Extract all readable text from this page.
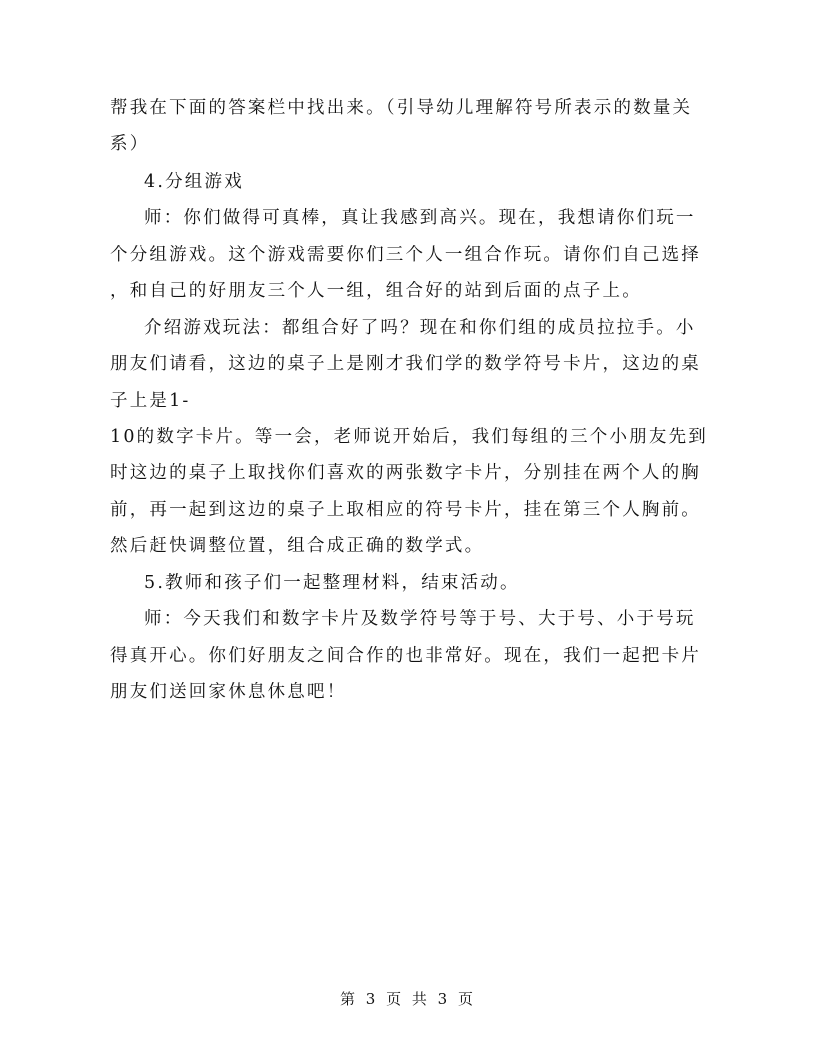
帮我在下面的答案栏中找出来。（引导幼儿理解符号所表示的数量关
系）
4.分组游戏
师：你们做得可真棒，真让我感到高兴。现在，我想请你们玩一
个分组游戏。这个游戏需要你们三个人一组合作玩。请你们自己选择
，和自己的好朋友三个人一组，组合好的站到后面的点子上。
介绍游戏玩法：都组合好了吗？现在和你们组的成员拉拉手。小
朋友们请看，这边的桌子上是刚才我们学的数学符号卡片，这边的桌
子上是1-
10的数字卡片。等一会，老师说开始后，我们每组的三个小朋友先到
时这边的桌子上取找你们喜欢的两张数字卡片，分别挂在两个人的胸
前，再一起到这边的桌子上取相应的符号卡片，挂在第三个人胸前。
然后赶快调整位置，组合成正确的数学式。
5.教师和孩子们一起整理材料，结束活动。
师：今天我们和数字卡片及数学符号等于号、大于号、小于号玩
得真开心。你们好朋友之间合作的也非常好。现在，我们一起把卡片
朋友们送回家休息休息吧！
第 3 页 共 3 页
